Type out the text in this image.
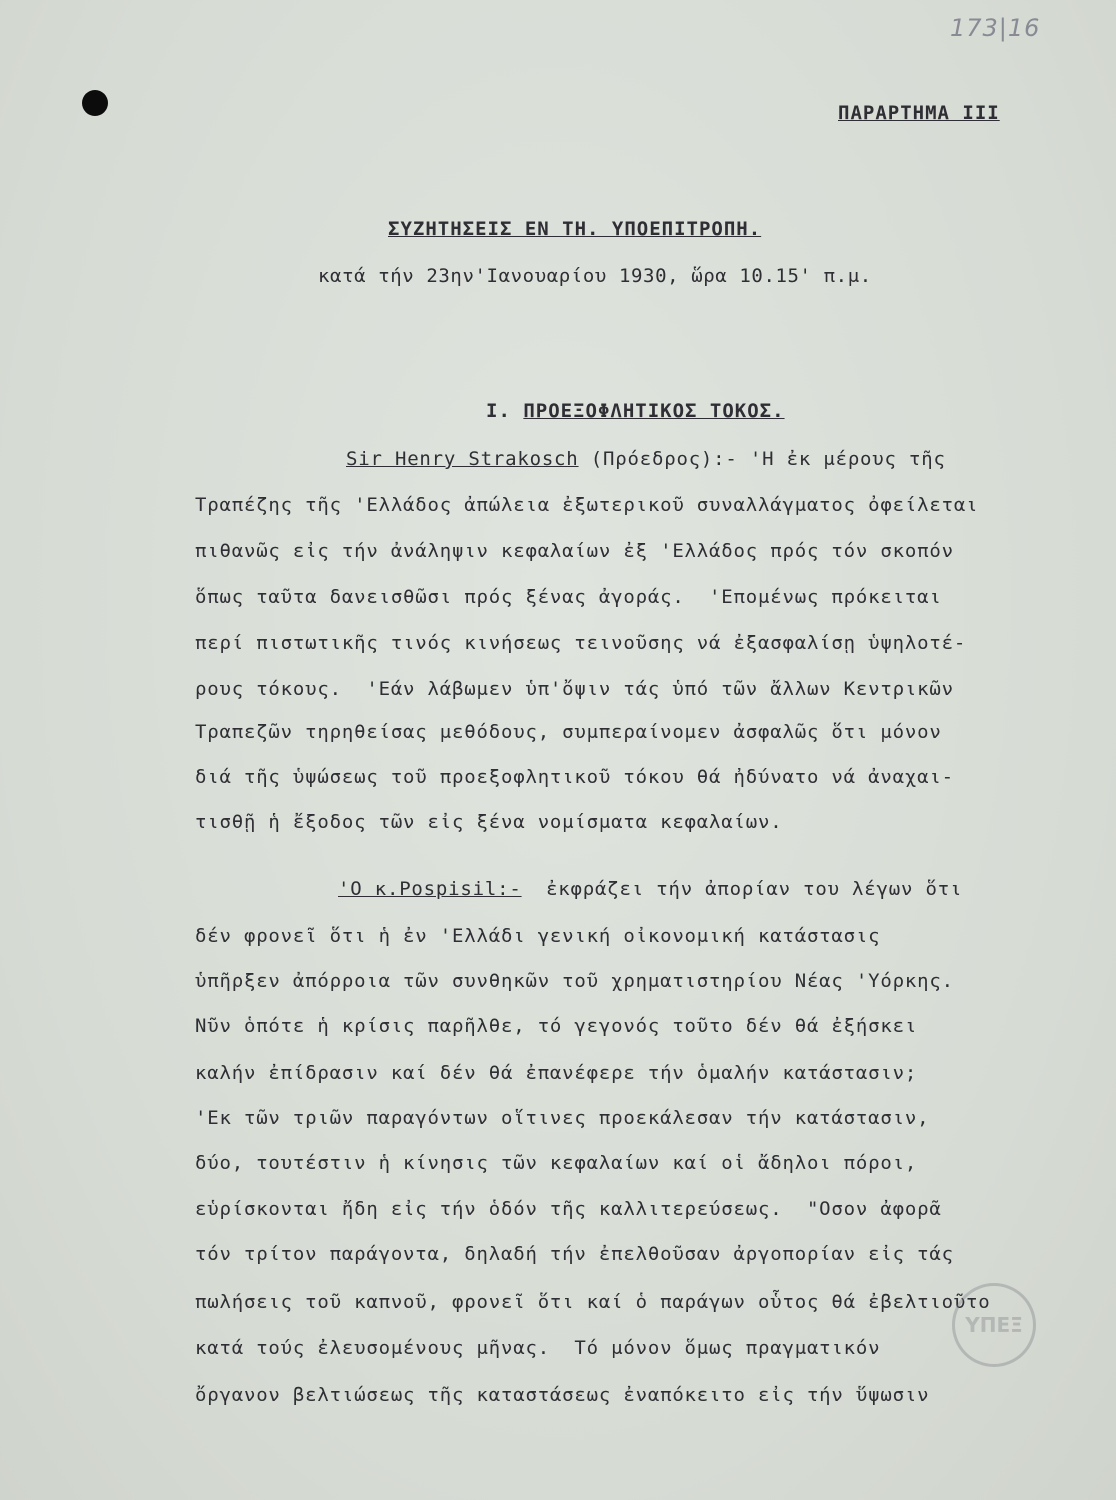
173|16
ΠΑΡΑΡΤΗΜΑ III
ΣΥΖΗΤΗΣΕΙΣ ΕΝ ΤΗ. ΥΠΟΕΠΙΤΡΟΠΗ.
κατά τήν 23ην'Ιανουαρίου 1930, ὥρα 10.15' π.μ.
Ι. ΠΡΟΕΞΟΦΛΗΤΙΚΟΣ ΤΟΚΟΣ.
Sir Henry Strakosch (Πρόεδρος):- 'Η ἐκ μέρους τῆς
Τραπέζης τῆς 'Ελλάδος ἀπώλεια ἐξωτερικοῦ συναλλάγματος ὀφείλεται
πιθανῶς εἰς τήν ἀνάληψιν κεφαλαίων ἐξ 'Ελλάδος πρός τόν σκοπόν
ὅπως ταῦτα δανεισθῶσι πρός ξένας ἀγοράς.  'Επομένως πρόκειται
περί πιστωτικῆς τινός κινήσεως τεινοῦσης νά ἐξασφαλίσῃ ὑψηλοτέ-
ρους τόκους.  'Εάν λάβωμεν ὑπ'ὄψιν τάς ὑπό τῶν ἄλλων Κεντρικῶν
Τραπεζῶν τηρηθείσας μεθόδους, συμπεραίνομεν ἀσφαλῶς ὅτι μόνον
διά τῆς ὑψώσεως τοῦ προεξοφλητικοῦ τόκου θά ἠδύνατο νά ἀναχαι-
τισθῇ ἡ ἔξοδος τῶν εἰς ξένα νομίσματα κεφαλαίων.
'Ο κ.Pospisil:-  ἐκφράζει τήν ἀπορίαν του λέγων ὅτι
δέν φρονεῖ ὅτι ἡ ἐν 'Ελλάδι γενική οἰκονομική κατάστασις
ὑπῆρξεν ἀπόρροια τῶν συνθηκῶν τοῦ χρηματιστηρίου Νέας 'Υόρκης.
Νῦν ὁπότε ἡ κρίσις παρῆλθε, τό γεγονός τοῦτο δέν θά ἐξήσκει
καλήν ἐπίδρασιν καί δέν θά ἐπανέφερε τήν ὁμαλήν κατάστασιν;
'Εκ τῶν τριῶν παραγόντων οἵτινες προεκάλεσαν τήν κατάστασιν,
δύο, τουτέστιν ἡ κίνησις τῶν κεφαλαίων καί οἱ ἄδηλοι πόροι,
εὑρίσκονται ἤδη εἰς τήν ὁδόν τῆς καλλιτερεύσεως.  "Οσον ἀφορᾶ
τόν τρίτον παράγοντα, δηλαδή τήν ἐπελθοῦσαν ἀργοπορίαν εἰς τάς
πωλήσεις τοῦ καπνοῦ, φρονεῖ ὅτι καί ὁ παράγων οὗτος θά ἐβελτιοῦτο
κατά τούς ἐλευσομένους μῆνας.  Τό μόνον ὅμως πραγματικόν
ὄργανον βελτιώσεως τῆς καταστάσεως ἐναπόκειτο εἰς τήν ὕψωσιν
ΥΠΕΞ
